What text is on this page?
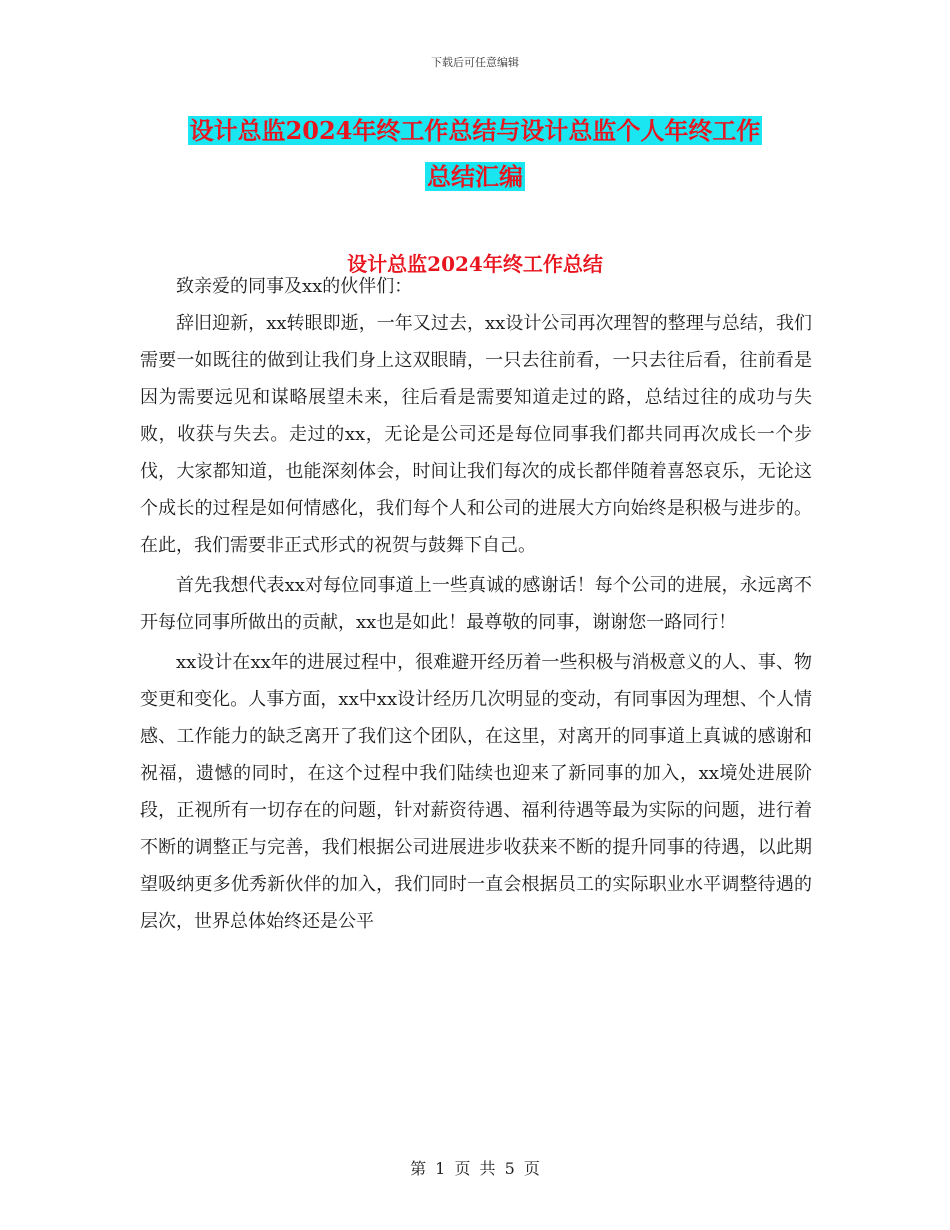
下载后可任意编辑
设计总监2024年终工作总结与设计总监个人年终工作
总结汇编
设计总监2024年终工作总结

致亲爱的同事及xx的伙伴们：

辞旧迎新，xx转眼即逝，一年又过去，xx设计公司再次理智的整理与总结，我们需要一如既往的做到让我们身上这双眼睛，一只去往前看，一只去往后看，往前看是因为需要远见和谋略展望未来，往后看是需要知道走过的路，总结过往的成功与失败，收获与失去。走过的xx，无论是公司还是每位同事我们都共同再次成长一个步伐，大家都知道，也能深刻体会，时间让我们每次的成长都伴随着喜怒哀乐，无论这个成长的过程是如何情感化，我们每个人和公司的进展大方向始终是积极与进步的。在此，我们需要非正式形式的祝贺与鼓舞下自己。

首先我想代表xx对每位同事道上一些真诚的感谢话！每个公司的进展，永远离不开每位同事所做出的贡献，xx也是如此！最尊敬的同事，谢谢您一路同行！

xx设计在xx年的进展过程中，很难避开经历着一些积极与消极意义的人、事、物变更和变化。人事方面，xx中xx设计经历几次明显的变动，有同事因为理想、个人情感、工作能力的缺乏离开了我们这个团队，在这里，对离开的同事道上真诚的感谢和祝福，遗憾的同时，在这个过程中我们陆续也迎来了新同事的加入，xx境处进展阶段，正视所有一切存在的问题，针对薪资待遇、福利待遇等最为实际的问题，进行着不断的调整正与完善，我们根据公司进展进步收获来不断的提升同事的待遇，以此期望吸纳更多优秀新伙伴的加入，我们同时一直会根据员工的实际职业水平调整待遇的层次，世界总体始终还是公平

第 1 页 共 5 页
